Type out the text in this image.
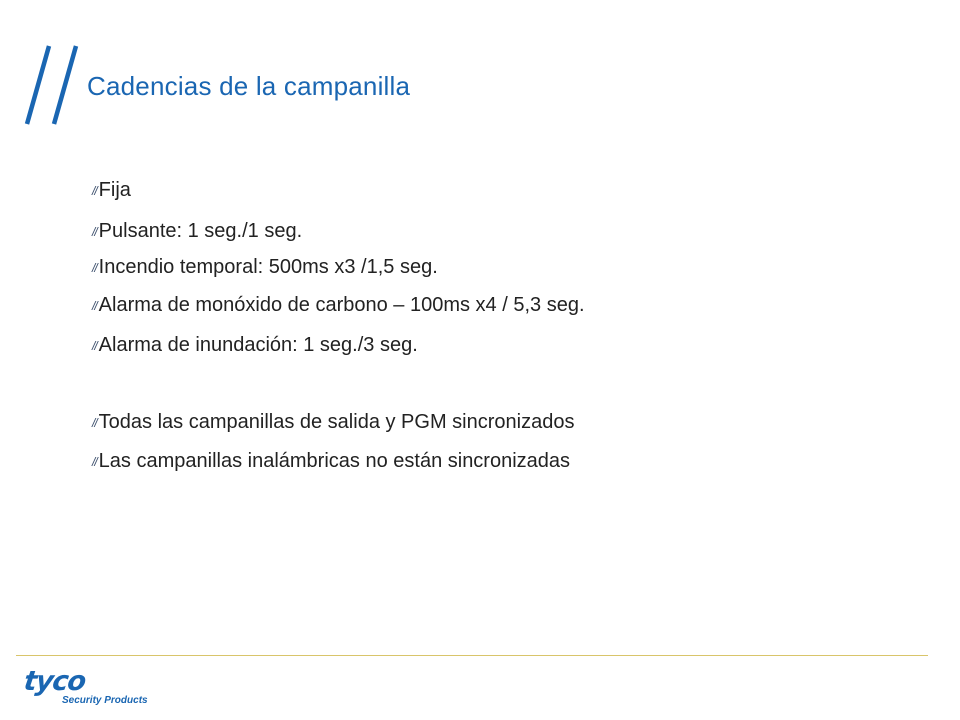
Cadencias de la campanilla
// Fija
// Pulsante: 1 seg./1 seg.
// Incendio temporal: 500ms x3 /1,5 seg.
// Alarma de monóxido de carbono – 100ms x4 / 5,3 seg.
// Alarma de inundación: 1 seg./3 seg.
// Todas las campanillas de salida y PGM sincronizados
// Las campanillas inalámbricas no están sincronizadas
tyco
Security Products
